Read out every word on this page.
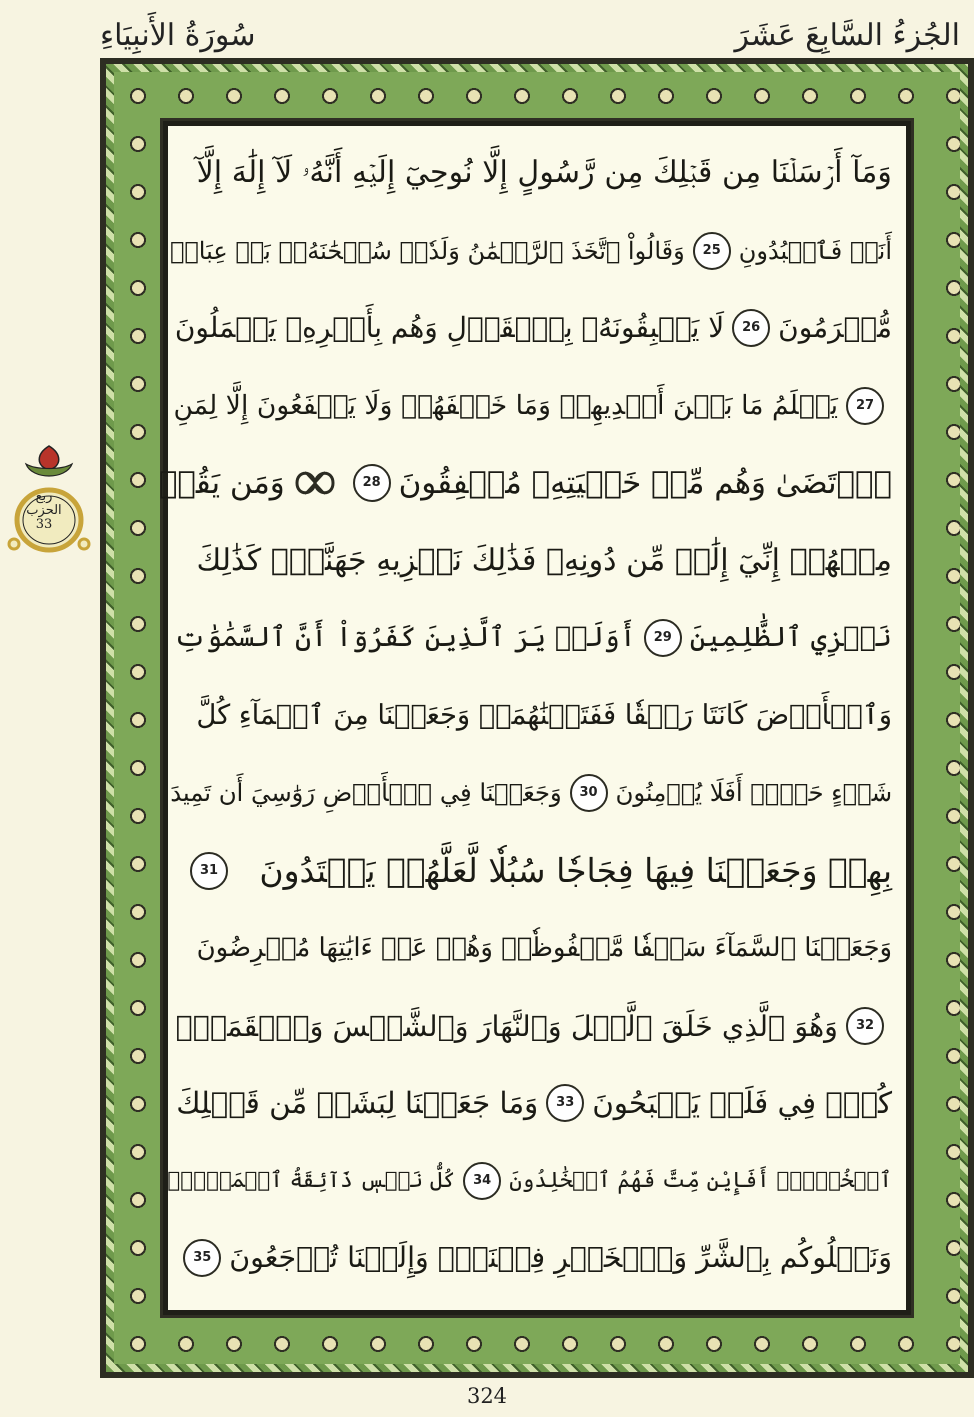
سُورَةُ الأَنبِيَاءِ	الجُزءُ السَّابِعَ عَشَرَ
وَمَآ أَرۡسَلۡنَا مِن قَبۡلِكَ مِن رَّسُولٍ إِلَّا نُوحِيٓ إِلَيۡهِ أَنَّهُۥ لَآ إِلَٰهَ إِلَّآ
أَنَا۠ فَٱعۡبُدُونِ
25
وَقَالُواْ ٱتَّخَذَ ٱلرَّحۡمَٰنُ وَلَدٗاۗ سُبۡحَٰنَهُۥۚ بَلۡ عِبَادٞ
مُّكۡرَمُونَ
26
لَا يَسۡبِقُونَهُۥ بِٱلۡقَوۡلِ وَهُم بِأَمۡرِهِۦ يَعۡمَلُونَ
27
يَعۡلَمُ مَا بَيۡنَ أَيۡدِيهِمۡ وَمَا خَلۡفَهُمۡ وَلَا يَشۡفَعُونَ إِلَّا لِمَنِ
ٱرۡتَضَىٰ وَهُم مِّنۡ خَشۡيَتِهِۦ مُشۡفِقُونَ
28
وَمَن يَقُلۡ
مِنۡهُمۡ إِنِّيٓ إِلَٰهٞ مِّن دُونِهِۦ فَذَٰلِكَ نَجۡزِيهِ جَهَنَّمَۚ كَذَٰلِكَ
نَجۡزِي ٱلظَّٰلِمِينَ
29
أَوَلَمۡ يَرَ ٱلَّذِينَ كَفَرُوٓاْ أَنَّ ٱلسَّمَٰوَٰتِ
وَٱلۡأَرۡضَ كَانَتَا رَتۡقٗا فَفَتَقۡنَٰهُمَاۖ وَجَعَلۡنَا مِنَ ٱلۡمَآءِ كُلَّ
شَيۡءٍ حَيٍّۚ أَفَلَا يُؤۡمِنُونَ
30
وَجَعَلۡنَا فِي ٱلۡأَرۡضِ رَوَٰسِيَ أَن تَمِيدَ
بِهِمۡ وَجَعَلۡنَا فِيهَا فِجَاجٗا سُبُلٗا لَّعَلَّهُمۡ يَهۡتَدُونَ
31
وَجَعَلۡنَا ٱلسَّمَآءَ سَقۡفٗا مَّحۡفُوظٗاۖ وَهُمۡ عَنۡ ءَايَٰتِهَا مُعۡرِضُونَ
32
وَهُوَ ٱلَّذِي خَلَقَ ٱلَّيۡلَ وَٱلنَّهَارَ وَٱلشَّمۡسَ وَٱلۡقَمَرَۖ
كُلّٞ فِي فَلَكٖ يَسۡبَحُونَ
33
وَمَا جَعَلۡنَا لِبَشَرٖ مِّن قَبۡلِكَ
ٱلۡخُلۡدَۖ أَفَإِيْن مِّتَّ فَهُمُ ٱلۡخَٰلِدُونَ
34
كُلُّ نَفۡسٖ ذَآئِقَةُ ٱلۡمَوۡتِۗ
وَنَبۡلُوكُم بِٱلشَّرِّ وَٱلۡخَيۡرِ فِتۡنَةٗۖ وَإِلَيۡنَا تُرۡجَعُونَ
35
ربع
الحزب
33
324
